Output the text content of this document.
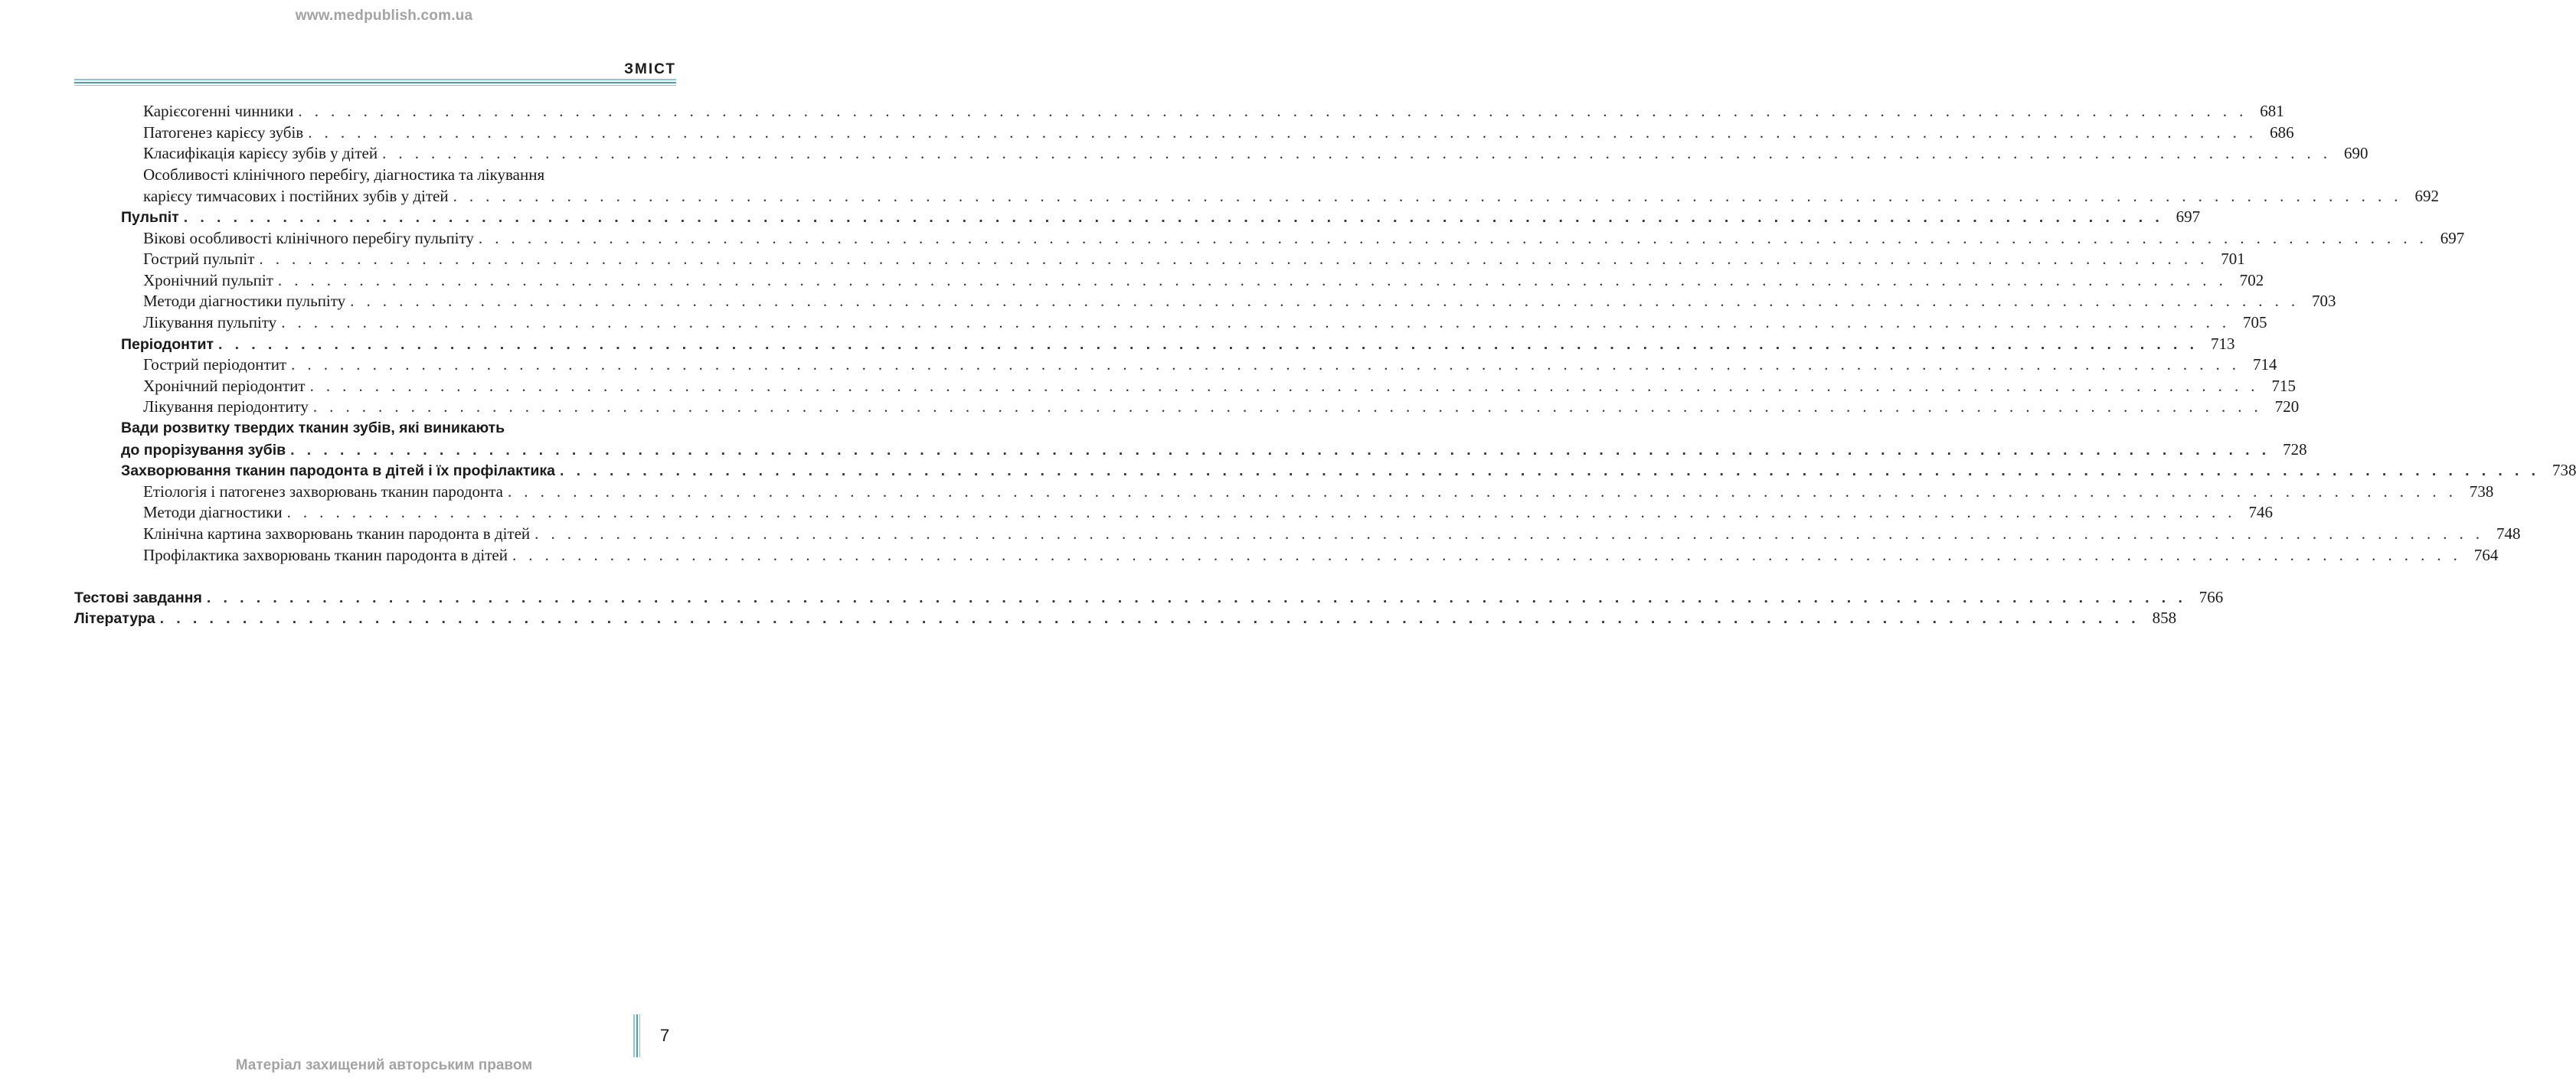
www.medpublish.com.ua
ЗМІСТ
Карієсогенні чинники . . . . . . . . . . . . . . . . . . . . . . . . . . . . . . . . . . . . . . . . . . . . . . . . . . . . . . . . . . . . . . . . . . . . . . . . . . . . . . . . . . . . . . . . . . . . . . . . . . . . . . . . . . . . . . . . . . . . . . . . 681
Патогенез карієсу зубів . . . . . . . . . . . . . . . . . . . . . . . . . . . . . . . . . . . . . . . . . . . . . . . . . . . . . . . . . . . . . . . . . . . . . . . . . . . . . . . . . . . . . . . . . . . . . . . . . . . . . . . . . . . . . . . . . . . . . . . . 686
Класифікація карієсу зубів у дітей . . . . . . . . . . . . . . . . . . . . . . . . . . . . . . . . . . . . . . . . . . . . . . . . . . . . . . . . . . . . . . . . . . . . . . . . . . . . . . . . . . . . . . . . . . . . . . . . . . . . . . . . . . . . . . . . . . . . . . . . 690
Особливості клінічного перебігу, діагностика та лікування
карієсу тимчасових і постійних зубів у дітей . . . . . . . . . . . . . . . . . . . . . . . . . . . . . . . . . . . . . . . . . . . . . . . . . . . . . . . . . . . . . . . . . . . . . . . . . . . . . . . . . . . . . . . . . . . . . . . . . . . . . . . . . . . . . . . . . . . . . . . . 692
Пульпіт . . . . . . . . . . . . . . . . . . . . . . . . . . . . . . . . . . . . . . . . . . . . . . . . . . . . . . . . . . . . . . . . . . . . . . . . . . . . . . . . . . . . . . . . . . . . . . . . . . . . . . . . . . . . . . . . . . . . . . . . 697
Вікові особливості клінічного перебігу пульпіту . . . . . . . . . . . . . . . . . . . . . . . . . . . . . . . . . . . . . . . . . . . . . . . . . . . . . . . . . . . . . . . . . . . . . . . . . . . . . . . . . . . . . . . . . . . . . . . . . . . . . . . . . . . . . . . . . . . . . . . . 697
Гострий пульпіт . . . . . . . . . . . . . . . . . . . . . . . . . . . . . . . . . . . . . . . . . . . . . . . . . . . . . . . . . . . . . . . . . . . . . . . . . . . . . . . . . . . . . . . . . . . . . . . . . . . . . . . . . . . . . . . . . . . . . . . . 701
Хронічний пульпіт . . . . . . . . . . . . . . . . . . . . . . . . . . . . . . . . . . . . . . . . . . . . . . . . . . . . . . . . . . . . . . . . . . . . . . . . . . . . . . . . . . . . . . . . . . . . . . . . . . . . . . . . . . . . . . . . . . . . . . . . 702
Методи діагностики пульпіту . . . . . . . . . . . . . . . . . . . . . . . . . . . . . . . . . . . . . . . . . . . . . . . . . . . . . . . . . . . . . . . . . . . . . . . . . . . . . . . . . . . . . . . . . . . . . . . . . . . . . . . . . . . . . . . . . . . . . . . . 703
Лікування пульпіту . . . . . . . . . . . . . . . . . . . . . . . . . . . . . . . . . . . . . . . . . . . . . . . . . . . . . . . . . . . . . . . . . . . . . . . . . . . . . . . . . . . . . . . . . . . . . . . . . . . . . . . . . . . . . . . . . . . . . . . . 705
Періодонтит . . . . . . . . . . . . . . . . . . . . . . . . . . . . . . . . . . . . . . . . . . . . . . . . . . . . . . . . . . . . . . . . . . . . . . . . . . . . . . . . . . . . . . . . . . . . . . . . . . . . . . . . . . . . . . . . . . . . . . . . 713
Гострий періодонтит . . . . . . . . . . . . . . . . . . . . . . . . . . . . . . . . . . . . . . . . . . . . . . . . . . . . . . . . . . . . . . . . . . . . . . . . . . . . . . . . . . . . . . . . . . . . . . . . . . . . . . . . . . . . . . . . . . . . . . . . 714
Хронічний періодонтит . . . . . . . . . . . . . . . . . . . . . . . . . . . . . . . . . . . . . . . . . . . . . . . . . . . . . . . . . . . . . . . . . . . . . . . . . . . . . . . . . . . . . . . . . . . . . . . . . . . . . . . . . . . . . . . . . . . . . . . . 715
Лікування періодонтиту . . . . . . . . . . . . . . . . . . . . . . . . . . . . . . . . . . . . . . . . . . . . . . . . . . . . . . . . . . . . . . . . . . . . . . . . . . . . . . . . . . . . . . . . . . . . . . . . . . . . . . . . . . . . . . . . . . . . . . . . 720
Вади розвитку твердих тканин зубів, які виникають
до прорізування зубів . . . . . . . . . . . . . . . . . . . . . . . . . . . . . . . . . . . . . . . . . . . . . . . . . . . . . . . . . . . . . . . . . . . . . . . . . . . . . . . . . . . . . . . . . . . . . . . . . . . . . . . . . . . . . . . . . . . . . . . . 728
Захворювання тканин пародонта в дітей і їх профілактика . . . . . . . . . . . . . . . . . . . . . . . . . . . . . . . . . . . . . . . . . . . . . . . . . . . . . . . . . . . . . . . . . . . . . . . . . . . . . . . . . . . . . . . . . . . . . . . . . . . . . . . . . . . . . . . . . . . . . . . . 738
Етіологія і патогенез захворювань тканин пародонта . . . . . . . . . . . . . . . . . . . . . . . . . . . . . . . . . . . . . . . . . . . . . . . . . . . . . . . . . . . . . . . . . . . . . . . . . . . . . . . . . . . . . . . . . . . . . . . . . . . . . . . . . . . . . . . . . . . . . . . . 738
Методи діагностики . . . . . . . . . . . . . . . . . . . . . . . . . . . . . . . . . . . . . . . . . . . . . . . . . . . . . . . . . . . . . . . . . . . . . . . . . . . . . . . . . . . . . . . . . . . . . . . . . . . . . . . . . . . . . . . . . . . . . . . . 746
Клінічна картина захворювань тканин пародонта в дітей . . . . . . . . . . . . . . . . . . . . . . . . . . . . . . . . . . . . . . . . . . . . . . . . . . . . . . . . . . . . . . . . . . . . . . . . . . . . . . . . . . . . . . . . . . . . . . . . . . . . . . . . . . . . . . . . . . . . . . . . 748
Профілактика захворювань тканин пародонта в дітей . . . . . . . . . . . . . . . . . . . . . . . . . . . . . . . . . . . . . . . . . . . . . . . . . . . . . . . . . . . . . . . . . . . . . . . . . . . . . . . . . . . . . . . . . . . . . . . . . . . . . . . . . . . . . . . . . . . . . . . . 764
Тестові завдання . . . . . . . . . . . . . . . . . . . . . . . . . . . . . . . . . . . . . . . . . . . . . . . . . . . . . . . . . . . . . . . . . . . . . . . . . . . . . . . . . . . . . . . . . . . . . . . . . . . . . . . . . . . . . . . . . . . . . . . . 766
Література . . . . . . . . . . . . . . . . . . . . . . . . . . . . . . . . . . . . . . . . . . . . . . . . . . . . . . . . . . . . . . . . . . . . . . . . . . . . . . . . . . . . . . . . . . . . . . . . . . . . . . . . . . . . . . . . . . . . . . . . 858
7
Матеріал захищений авторським правом
